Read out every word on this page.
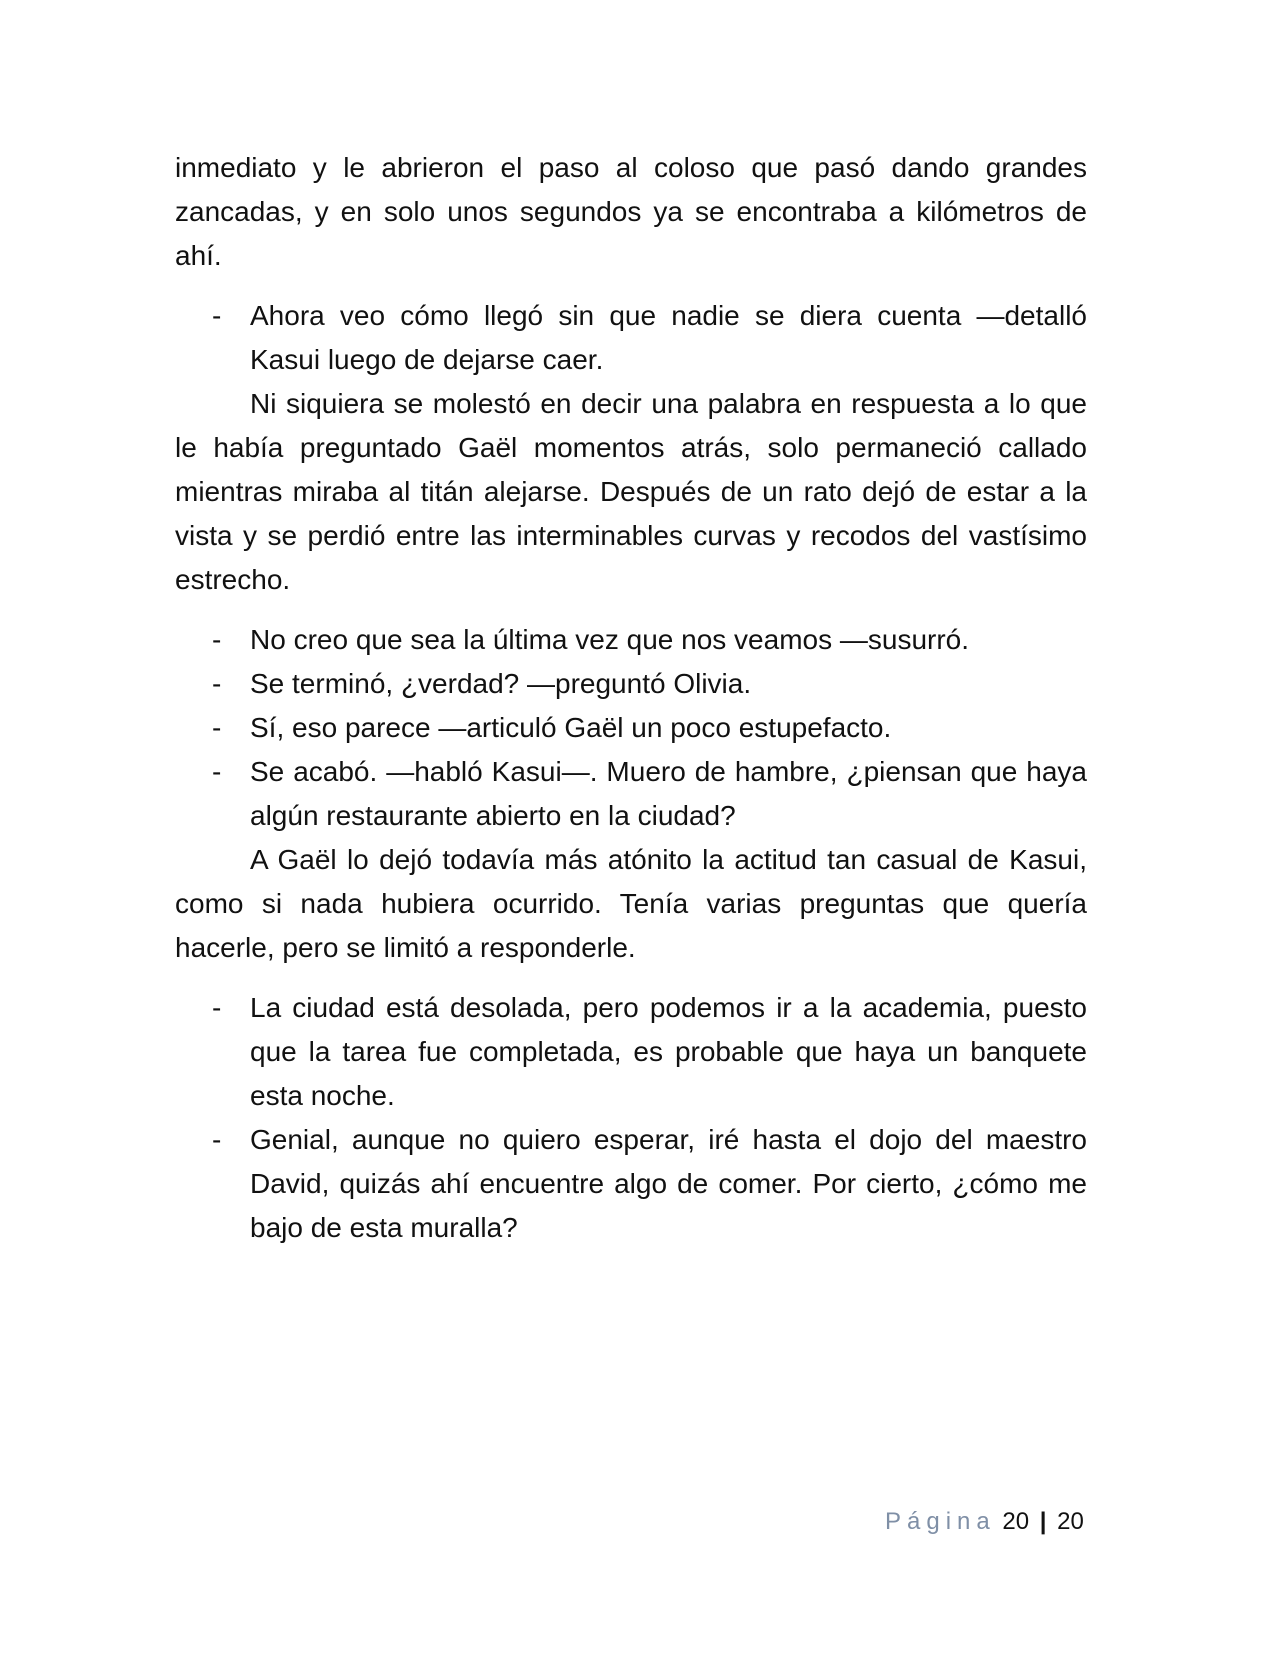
inmediato y le abrieron el paso al coloso que pasó dando grandes zancadas, y en solo unos segundos ya se encontraba a kilómetros de ahí.

- Ahora veo cómo llegó sin que nadie se diera cuenta —detalló Kasui luego de dejarse caer.

Ni siquiera se molestó en decir una palabra en respuesta a lo que le había preguntado Gaël momentos atrás, solo permaneció callado mientras miraba al titán alejarse. Después de un rato dejó de estar a la vista y se perdió entre las interminables curvas y recodos del vastísimo estrecho.

- No creo que sea la última vez que nos veamos —susurró.
- Se terminó, ¿verdad? —preguntó Olivia.
- Sí, eso parece —articuló Gaël un poco estupefacto.
- Se acabó. —habló Kasui—. Muero de hambre, ¿piensan que haya algún restaurante abierto en la ciudad?

A Gaël lo dejó todavía más atónito la actitud tan casual de Kasui, como si nada hubiera ocurrido. Tenía varias preguntas que quería hacerle, pero se limitó a responderle.

- La ciudad está desolada, pero podemos ir a la academia, puesto que la tarea fue completada, es probable que haya un banquete esta noche.
- Genial, aunque no quiero esperar, iré hasta el dojo del maestro David, quizás ahí encuentre algo de comer. Por cierto, ¿cómo me bajo de esta muralla?
Página 20 | 20
